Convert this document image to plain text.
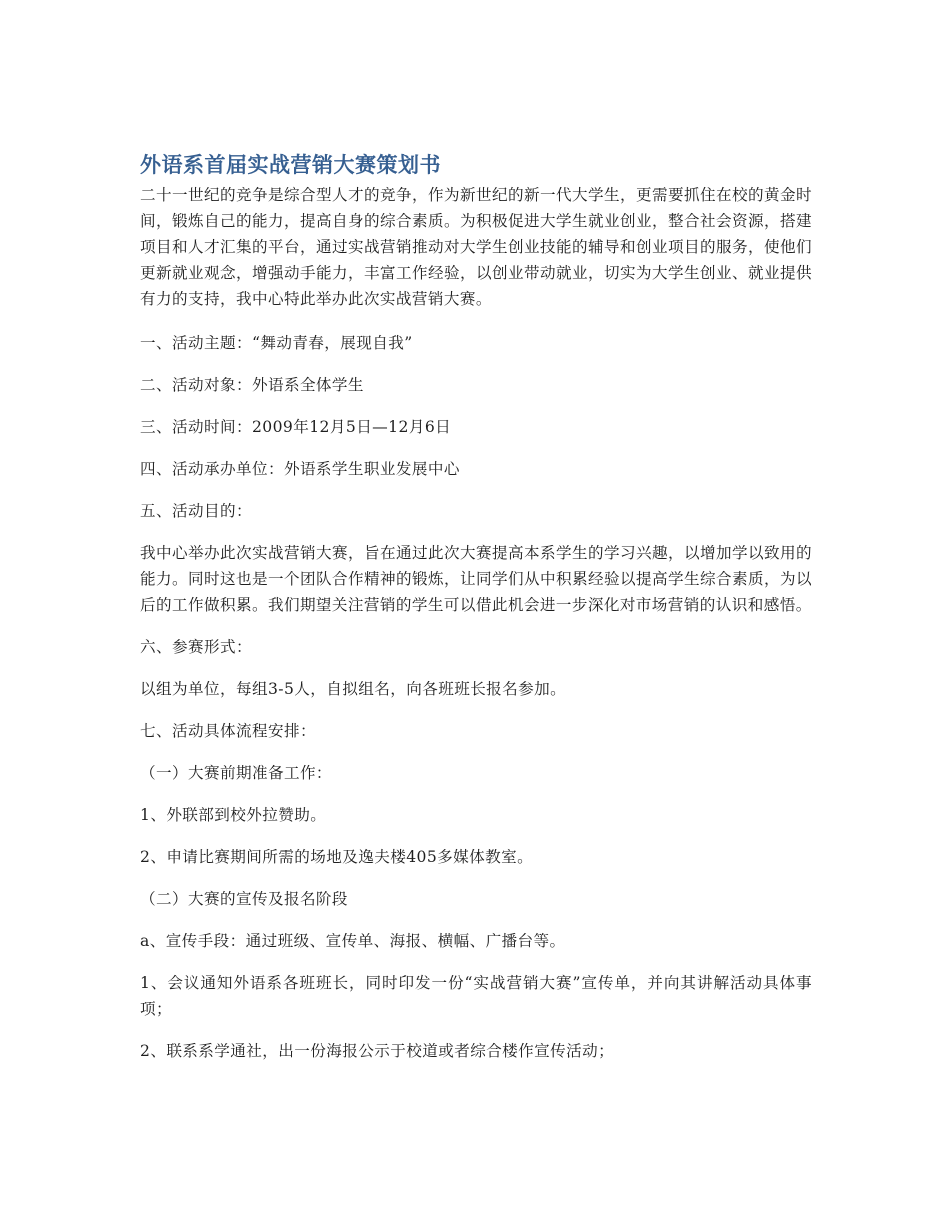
外语系首届实战营销大赛策划书

二十一世纪的竞争是综合型人才的竞争，作为新世纪的新一代大学生，更需要抓住在校的黄金时间，锻炼自己的能力，提高自身的综合素质。为积极促进大学生就业创业，整合社会资源，搭建项目和人才汇集的平台，通过实战营销推动对大学生创业技能的辅导和创业项目的服务，使他们更新就业观念，增强动手能力，丰富工作经验，以创业带动就业，切实为大学生创业、就业提供有力的支持，我中心特此举办此次实战营销大赛。

一、活动主题：“舞动青春，展现自我”

二、活动对象：外语系全体学生

三、活动时间：2009年12月5日—12月6日

四、活动承办单位：外语系学生职业发展中心

五、活动目的：

我中心举办此次实战营销大赛，旨在通过此次大赛提高本系学生的学习兴趣，以增加学以致用的能力。同时这也是一个团队合作精神的锻炼，让同学们从中积累经验以提高学生综合素质，为以后的工作做积累。我们期望关注营销的学生可以借此机会进一步深化对市场营销的认识和感悟。

六、参赛形式：

以组为单位，每组3-5人，自拟组名，向各班班长报名参加。

七、活动具体流程安排：

（一）大赛前期准备工作：

1、外联部到校外拉赞助。

2、申请比赛期间所需的场地及逸夫楼405多媒体教室。

（二）大赛的宣传及报名阶段

a、宣传手段：通过班级、宣传单、海报、横幅、广播台等。

1、会议通知外语系各班班长，同时印发一份“实战营销大赛”宣传单，并向其讲解活动具体事项；

2、联系系学通社，出一份海报公示于校道或者综合楼作宣传活动；
